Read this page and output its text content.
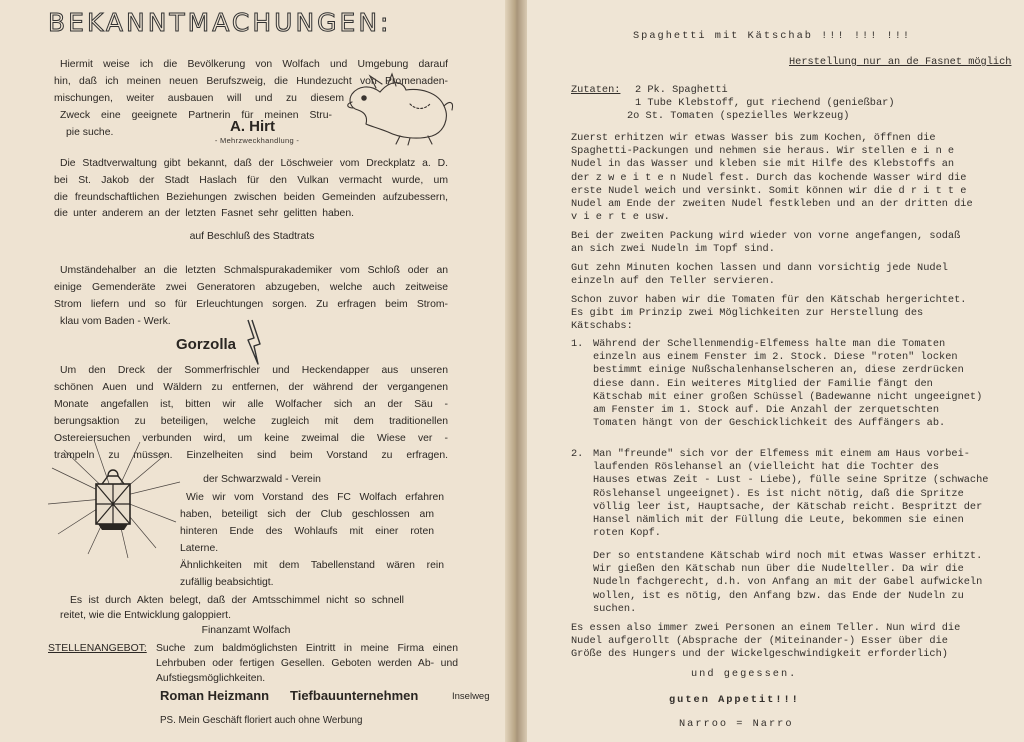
BEKANNTMACHUNGEN:

Hiermit weise ich die Bevölkerung von Wolfach und Umgebung darauf

hin, daß ich meinen neuen Berufszweig, die Hundezucht von Promenaden-

mischungen, weiter ausbauen will und zu diesem

Zweck eine geeignete Partnerin für meinen Stru-

pie suche.	A. Hirt
- Mehrzweckhandlung -

Die Stadtverwaltung gibt bekannt, daß der Löschweier vom Dreckplatz a. D.

bei St. Jakob der Stadt Haslach für den Vulkan vermacht wurde, um

die freundschaftlichen Beziehungen zwischen beiden Gemeinden aufzubessern,

die unter anderem an der letzten Fasnet sehr gelitten haben.

auf Beschluß des Stadtrats

Umständehalber an die letzten Schmalspurakademiker vom Schloß oder an

einige Gemenderäte zwei Generatoren abzugeben, welche auch zeitweise

Strom liefern und so für Erleuchtungen sorgen. Zu erfragen beim Strom-

klau vom Baden - Werk.

Gorzolla

Um den Dreck der Sommerfrischler und Heckendapper aus unseren

schönen Auen und Wäldern zu entfernen, der während der vergangenen

Monate angefallen ist, bitten wir alle Wolfacher sich an der Säu -

berungsaktion zu beteiligen, welche zugleich mit dem traditionellen

Ostereiersuchen verbunden wird, um keine zweimal die Wiese ver -

trampeln zu müssen. Einzelheiten sind beim Vorstand zu erfragen.

der Schwarzwald - Verein

Wie wir vom Vorstand des FC Wolfach erfahren

haben, beteiligt sich der Club geschlossen am

hinteren Ende des Wohlaufs mit einer roten

Laterne.

Ähnlichkeiten mit dem Tabellenstand wären rein

zufällig beabsichtigt.

Es ist durch Akten belegt, daß der Amtsschimmel nicht so schnell

reitet, wie die Entwicklung galoppiert.

Finanzamt Wolfach

STELLENANGEBOT: Suche zum baldmöglichsten Eintritt in meine Firma einen

Lehrbuben oder fertigen Gesellen. Geboten werden Ab- und

Aufstiegsmöglichkeiten.

Roman Heizmann Tiefbauunternehmen	Inselweg
PS. Mein Geschäft floriert auch ohne Werbung
Spaghetti mit Kätschab !!! !!! !!!
Herstellung nur an de Fasnet möglich
Zutaten: 2 Pk. Spaghetti
1 Tube Klebstoff, gut riechend (genießbar)
2o St. Tomaten (spezielles Werkzeug)

Zuerst erhitzen wir etwas Wasser bis zum Kochen, öffnen die

Spaghetti-Packungen und nehmen sie heraus. Wir stellen e i n e

Nudel in das Wasser und kleben sie mit Hilfe des Klebstoffs an

der z w e i t e n Nudel fest. Durch das kochende Wasser wird die

erste Nudel weich und versinkt. Somit können wir die d r i t t e

Nudel am Ende der zweiten Nudel festkleben und an der dritten die

v i e r t e usw.

Bei der zweiten Packung wird wieder von vorne angefangen, sodaß

an sich zwei Nudeln im Topf sind.

Gut zehn Minuten kochen lassen und dann vorsichtig jede Nudel

einzeln auf den Teller servieren.

Schon zuvor haben wir die Tomaten für den Kätschab hergerichtet.

Es gibt im Prinzip zwei Möglichkeiten zur Herstellung des

Kätschabs:

1. Während der Schellenmendig-Elfemess halte man die Tomaten

einzeln aus einem Fenster im 2. Stock. Diese "roten" locken

bestimmt einige Nußschalenhanselscheren an, diese zerdrücken

diese dann. Ein weiteres Mitglied der Familie fängt den

Kätschab mit einer großen Schüssel (Badewanne nicht ungeeignet)

am Fenster im 1. Stock auf. Die Anzahl der zerquetschten

Tomaten hängt von der Geschicklichkeit des Auffängers ab.

2. Man "freunde" sich vor der Elfemess mit einem am Haus vorbei-

laufenden Röslehansel an (vielleicht hat die Tochter des

Hauses etwas Zeit - Lust - Liebe), fülle seine Spritze (schwache

Röslehansel ungeeignet). Es ist nicht nötig, daß die Spritze

völlig leer ist, Hauptsache, der Kätschab reicht. Bespritzt der

Hansel nämlich mit der Füllung die Leute, bekommen sie einen

roten Kopf.

Der so entstandene Kätschab wird noch mit etwas Wasser erhitzt.

Wir gießen den Kätschab nun über die Nudelteller. Da wir die

Nudeln fachgerecht, d.h. von Anfang an mit der Gabel aufwickeln

wollen, ist es nötig, den Anfang bzw. das Ende der Nudeln zu

suchen.

Es essen also immer zwei Personen an einem Teller. Nun wird die

Nudel aufgerollt (Absprache der (Miteinander-) Esser über die

Größe des Hungers und der Wickelgeschwindigkeit erforderlich)

und gegessen.
guten Appetit!!!
Narroo = Narro
